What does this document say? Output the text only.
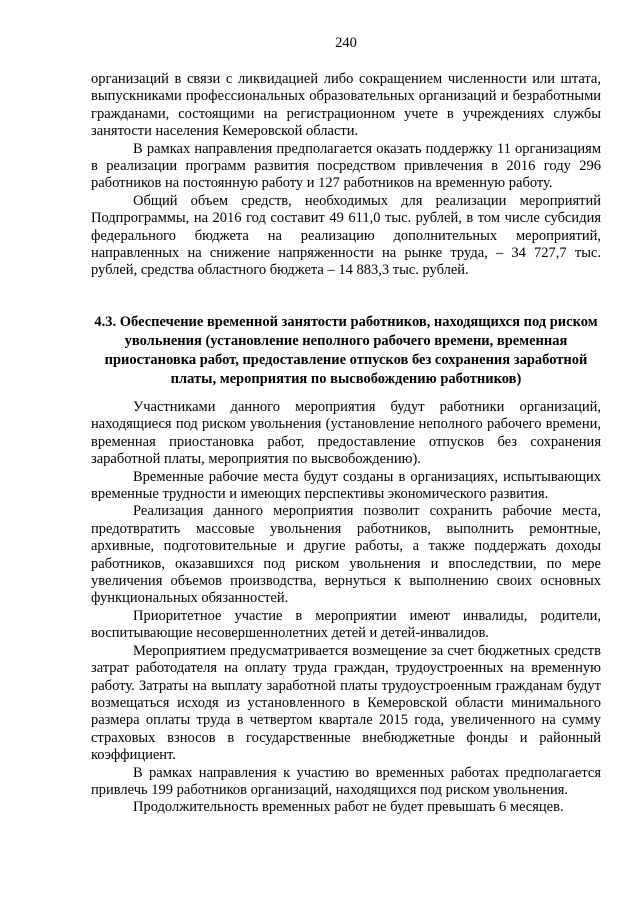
240

организаций в связи с ликвидацией либо сокращением численности или штата, выпускниками профессиональных образовательных организаций и безработными гражданами, состоящими на регистрационном учете в учреждениях службы занятости населения Кемеровской области.

В рамках направления предполагается оказать поддержку 11 организациям в реализации программ развития посредством привлечения в 2016 году 296 работников на постоянную работу и 127 работников на временную работу.

Общий объем средств, необходимых для реализации мероприятий Подпрограммы, на 2016 год составит 49 611,0 тыс. рублей, в том числе субсидия федерального бюджета на реализацию дополнительных мероприятий, направленных на снижение напряженности на рынке труда, – 34 727,7 тыс. рублей, средства областного бюджета – 14 883,3 тыс. рублей.

4.3. Обеспечение временной занятости работников, находящихся под риском увольнения (установление неполного рабочего времени, временная приостановка работ, предоставление отпусков без сохранения заработной платы, мероприятия по высвобождению работников)

Участниками данного мероприятия будут работники организаций, находящиеся под риском увольнения (установление неполного рабочего времени, временная приостановка работ, предоставление отпусков без сохранения заработной платы, мероприятия по высвобождению).

Временные рабочие места будут созданы в организациях, испытывающих временные трудности и имеющих перспективы экономического развития.

Реализация данного мероприятия позволит сохранить рабочие места, предотвратить массовые увольнения работников, выполнить ремонтные, архивные, подготовительные и другие работы, а также поддержать доходы работников, оказавшихся под риском увольнения и впоследствии, по мере увеличения объемов производства, вернуться к выполнению своих основных функциональных обязанностей.

Приоритетное участие в мероприятии имеют инвалиды, родители, воспитывающие несовершеннолетних детей и детей-инвалидов.

Мероприятием предусматривается возмещение за счет бюджетных средств затрат работодателя на оплату труда граждан, трудоустроенных на временную работу. Затраты на выплату заработной платы трудоустроенным гражданам будут возмещаться исходя из установленного в Кемеровской области минимального размера оплаты труда в четвертом квартале 2015 года, увеличенного на сумму страховых взносов в государственные внебюджетные фонды и районный коэффициент.

В рамках направления к участию во временных работах предполагается привлечь 199 работников организаций, находящихся под риском увольнения.

Продолжительность временных работ не будет превышать 6 месяцев.
